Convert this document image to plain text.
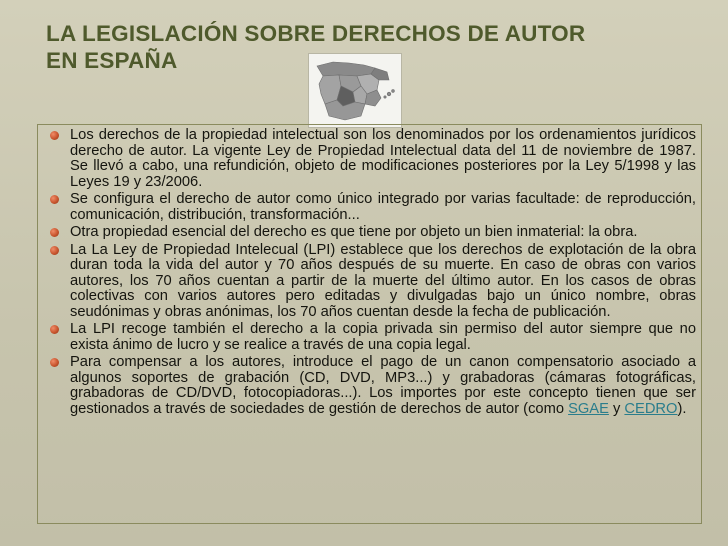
LA LEGISLACIÓN SOBRE DERECHOS DE AUTOR
EN ESPAÑA
Los derechos de la propiedad intelectual son los denominados por los ordenamientos jurídicos derecho de autor. La vigente Ley de Propiedad Intelectual data del 11 de noviembre de 1987. Se llevó a cabo, una refundición, objeto de modificaciones posteriores por la Ley 5/1998 y las Leyes 19 y 23/2006.
Se configura el derecho de autor como único integrado por varias facultade: de reproducción, comunicación, distribución, transformación...
Otra propiedad esencial del derecho es que tiene por objeto un bien inmaterial: la obra.
La La Ley de Propiedad Intelecual (LPI) establece que los derechos de explotación de la obra duran toda la vida del autor y 70 años después de su muerte. En caso de obras con varios autores, los 70 años cuentan a partir de la muerte del último autor. En los casos de obras colectivas con varios autores pero editadas y divulgadas bajo un único nombre, obras seudónimas y obras anónimas, los 70 años cuentan desde la fecha de publicación.
La LPI recoge también el derecho a la copia privada sin permiso del autor siempre que no exista ánimo de lucro y se realice a través de una copia legal.
Para compensar a los autores, introduce el pago de un canon compensatorio asociado a algunos soportes de grabación (CD, DVD, MP3...) y grabadoras (cámaras fotográficas, grabadoras de CD/DVD, fotocopiadoras...). Los importes por este concepto tienen que ser gestionados a través de sociedades de gestión de derechos de autor (como SGAE y CEDRO).
